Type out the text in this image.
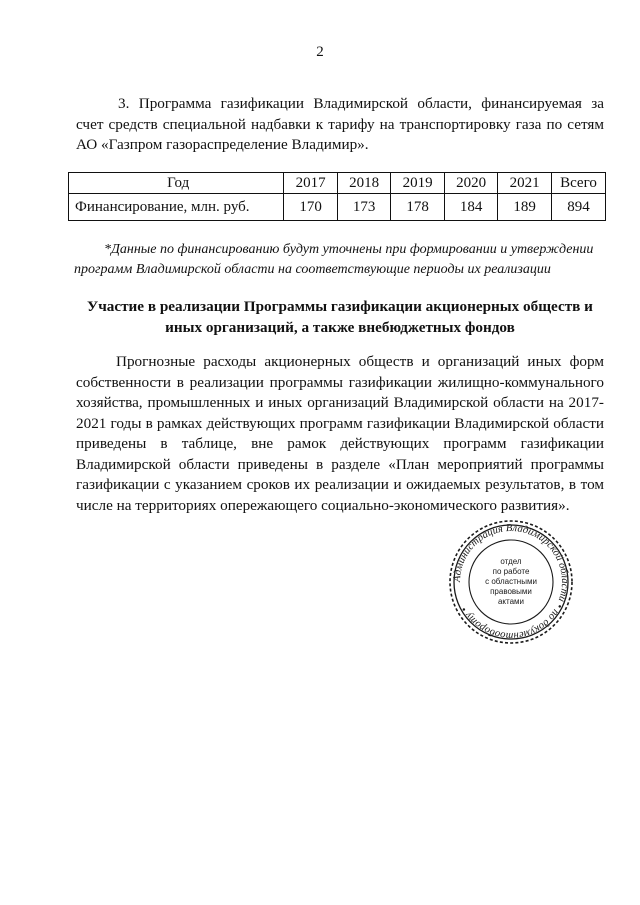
2
3. Программа газификации Владимирской области, финансируемая за
счет средств специальной надбавки к тарифу на транспортировку газа по сетям
АО «Газпром газораспределение Владимир».
Год	2017	2018	2019	2020	2021	Всего
Финансирование, млн. руб.	170	173	178	184	189	894
*Данные по финансированию будут уточнены при формировании и утверждении
программ Владимирской области на соответствующие периоды их реализации
Участие в реализации Программы газификации акционерных обществ и
иных организаций, а также внебюджетных фондов
Прогнозные расходы акционерных обществ и организаций иных форм
собственности в реализации программы газификации жилищно-коммунального
хозяйства, промышленных и иных организаций Владимирской области на 2017-
2021 годы в рамках действующих программ газификации Владимирской области
приведены в таблице, вне рамок действующих программ газификации
Владимирской области приведены в разделе «План мероприятий программы
газификации с указанием сроков их реализации и ожидаемых результатов, в том
числе на территориях опережающего социально-экономического развития».
Администрация Владимирской области • по документообороту •
отдел
по работе
с областными
правовыми
актами
